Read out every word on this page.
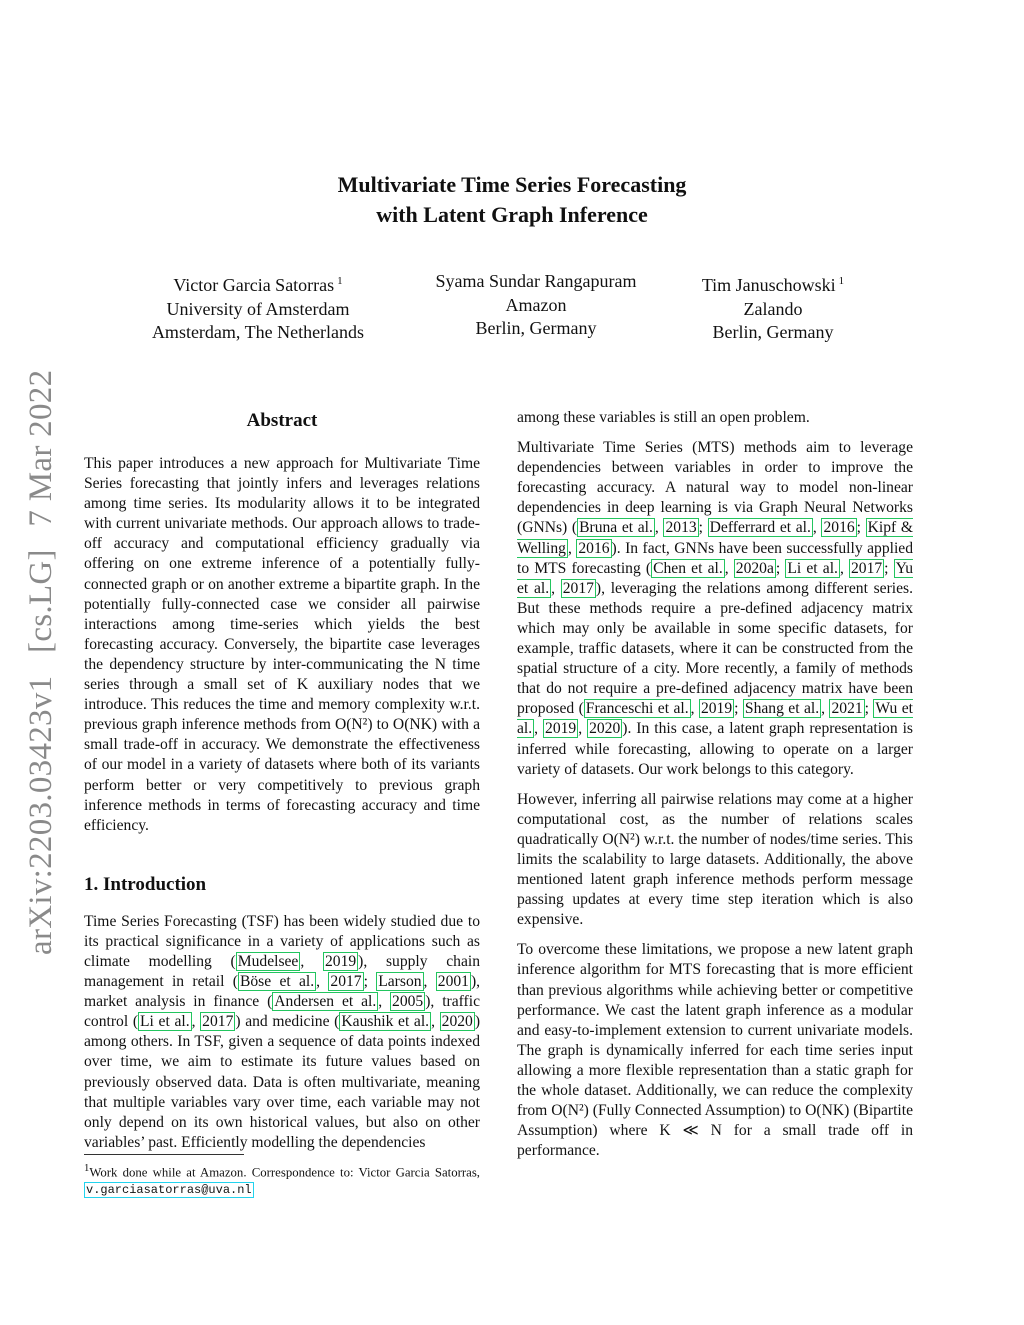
arXiv:2203.03423v1 [cs.LG] 7 Mar 2022
Multivariate Time Series Forecasting
with Latent Graph Inference
Victor Garcia Satorras $^1$
University of Amsterdam
Amsterdam, The Netherlands
Syama Sundar Rangapuram
Amazon
Berlin, Germany
Tim Januschowski $^1$
Zalando
Berlin, Germany
Abstract

This paper introduces a new approach for Multivariate Time Series forecasting that jointly infers and leverages relations among time series. Its modularity allows it to be integrated with current univariate methods. Our approach allows to trade-off accuracy and computational efficiency gradually via offering on one extreme inference of a potentially fully-connected graph or on another extreme a bipartite graph. In the potentially fully-connected case we consider all pairwise interactions among time-series which yields the best forecasting accuracy. Conversely, the bipartite case leverages the dependency structure by inter-communicating the N time series through a small set of K auxiliary nodes that we introduce. This reduces the time and memory complexity w.r.t. previous graph inference methods from O(N²) to O(NK) with a small trade-off in accuracy. We demonstrate the effectiveness of our model in a variety of datasets where both of its variants perform better or very competitively to previous graph inference methods in terms of forecasting accuracy and time efficiency.

1. Introduction

Time Series Forecasting (TSF) has been widely studied due to its practical significance in a variety of applications such as climate modelling ( Mudelsee , 2019 ), supply chain management in retail ( Böse et al. , 2017 ; Larson , 2001 ), market analysis in finance ( Andersen et al. , 2005 ), traffic control ( Li et al. , 2017 ) and medicine ( Kaushik et al. , 2020 ) among others. In TSF, given a sequence of data points indexed over time, we aim to estimate its future values based on previously observed data. Data is often multivariate, meaning that multiple variables vary over time, each variable may not only depend on its own historical values, but also on other variables’ past. Efficiently modelling the dependencies

$^1$Work done while at Amazon. Correspondence to: Victor Garcia Satorras, v.garciasatorras@uva.nl

among these variables is still an open problem.

Multivariate Time Series (MTS) methods aim to leverage dependencies between variables in order to improve the forecasting accuracy. A natural way to model non-linear dependencies in deep learning is via Graph Neural Networks (GNNs) ( Bruna et al. , 2013 ; Defferrard et al. , 2016 ; Kipf & Welling , 2016 ). In fact, GNNs have been successfully applied to MTS forecasting ( Chen et al. , 2020a ; Li et al. , 2017 ; Yu et al. , 2017 ), leveraging the relations among different series. But these methods require a pre-defined adjacency matrix which may only be available in some specific datasets, for example, traffic datasets, where it can be constructed from the spatial structure of a city. More recently, a family of methods that do not require a pre-defined adjacency matrix have been proposed ( Franceschi et al. , 2019 ; Shang et al. , 2021 ; Wu et al. , 2019 , 2020 ). In this case, a latent graph representation is inferred while forecasting, allowing to operate on a larger variety of datasets. Our work belongs to this category.

However, inferring all pairwise relations may come at a higher computational cost, as the number of relations scales quadratically O(N²) w.r.t. the number of nodes/time series. This limits the scalability to large datasets. Additionally, the above mentioned latent graph inference methods perform message passing updates at every time step iteration which is also expensive.

To overcome these limitations, we propose a new latent graph inference algorithm for MTS forecasting that is more efficient than previous algorithms while achieving better or competitive performance. We cast the latent graph inference as a modular and easy-to-implement extension to current univariate models. The graph is dynamically inferred for each time series input allowing a more flexible representation than a static graph for the whole dataset. Additionally, we can reduce the complexity from O(N²) (Fully Connected Assumption) to O(NK) (Bipartite Assumption) where K ≪ N for a small trade off in performance.
